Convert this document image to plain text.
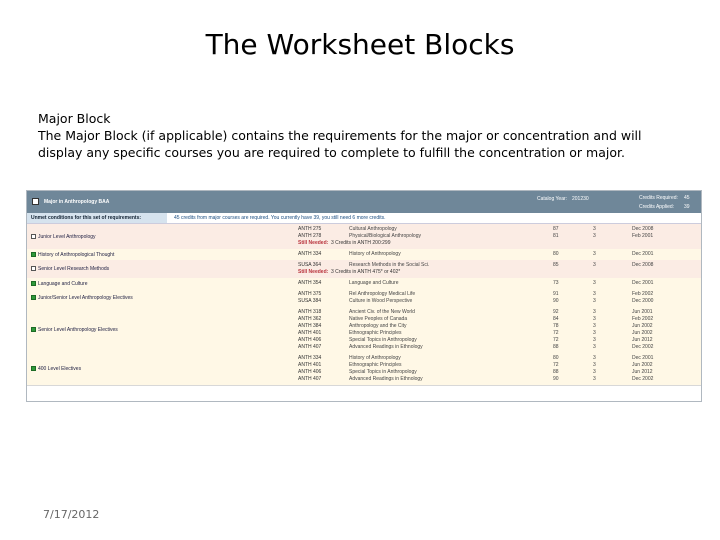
The Worksheet Blocks

Major Block

The Major Block (if applicable) contains the requirements for the major or concentration and will display any specific courses you are required to complete to fulfill the concentration or major.

Major in Anthropology BAA	Catalog Year: 201230	Credits Required: 45
Credits Applied: 39
Unmet conditions for this set of requirements:	45 credits from major courses are required. You currently have 39, you still need 6 more credits.
Junior Level Anthropology
ANTH 275	Cultural Anthropology	87	3	Dec 2008
ANTH 278	Physical/Biological Anthropology	81	3	Feb 2001
Still Needed: 3 Credits in ANTH 200:299
History of Anthropological Thought	ANTH 334	History of Anthropology	80	3	Dec 2001
Senior Level Research Methods
SUSA 364	Research Methods in the Social Sci.	85	3	Dec 2008
Still Needed: 3 Credits in ANTH 475* or 402*
Language and Culture	ANTH 354	Language and Culture	73	3	Dec 2001
Junior/Senior Level Anthropology Electives
ANTH 375	Rel Anthropology Medical Life	91	3	Feb 2002
SUSA 384	Culture in Wood Perspective	90	3	Dec 2000
Senior Level Anthropology Electives
ANTH 318	Ancient Civ. of the New World	92	3	Jun 2001
ANTH 362	Native Peoples of Canada	84	3	Feb 2002
ANTH 384	Anthropology and the City	78	3	Jun 2002
ANTH 401	Ethnographic Principles	72	3	Jun 2002
ANTH 406	Special Topics in Anthropology	72	3	Jun 2012
ANTH 407	Advanced Readings in Ethnology	88	3	Dec 2002
400 Level Electives
ANTH 334	History of Anthropology	80	3	Dec 2001
ANTH 401	Ethnographic Principles	72	3	Jun 2002
ANTH 406	Special Topics in Anthropology	88	3	Jun 2012
ANTH 407	Advanced Readings in Ethnology	90	3	Dec 2002
7/17/2012
